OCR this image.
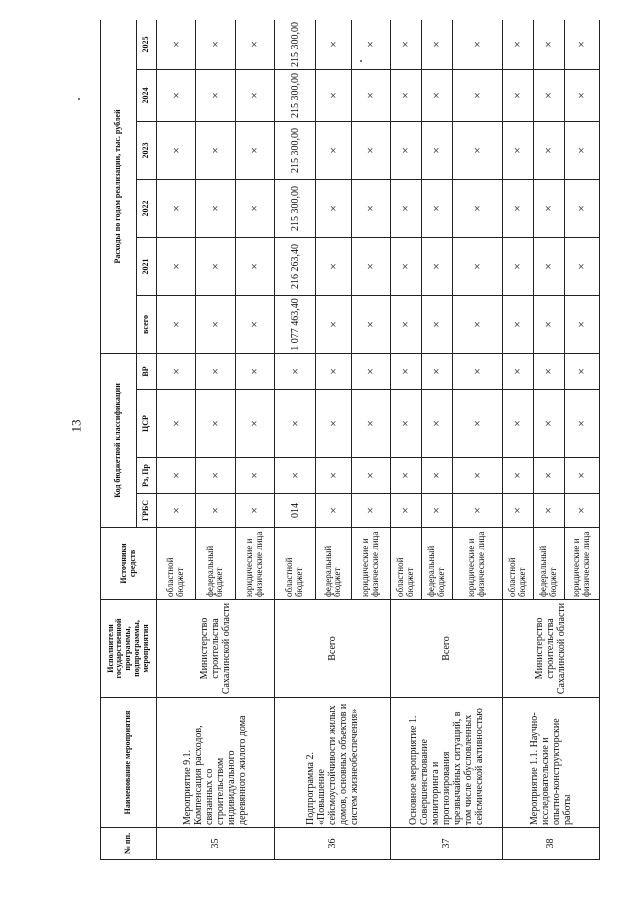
13
№ пп.	Наименование мероприятия	Исполнители государственной программы, подпрограммы, мероприятия	Источники средств	Код бюджетной классификации				Расходы по годам реализации, тыс. рублей					
				ГРБС	Рз, Пр	ЦСР	ВР	всего	2021	2022	2023	2024	2025
35	Мероприятие 9.1. Компенсация расходов, связанных со строительством индивидуального деревянного жилого дома	Министерство строительства Сахалинской области	областной бюджет	×	×	×	×	×	×	×	×	×	×
			федеральный бюджет	×	×	×	×	×	×	×	×	×	×
			юридические и физические лица	×	×	×	×	×	×	×	×	×	×
36	Подпрограмма 2. «Повышение сейсмоустойчивости жилых домов, основных объектов и систем жизнеобеспечения»	Всего	областной бюджет	014	×	×	×	1 077 463,40	216 263,40	215 300,00	215 300,00	215 300,00	215 300,00
			федеральный бюджет	×	×	×	×	×	×	×	×	×	×
			юридические и физические лица	×	×	×	×	×	×	×	×	×	×
37	Основное мероприятие 1. Совершенствование мониторинга и прогнозирования чрезвычайных ситуаций, в том числе обусловленных сейсмической активностью	Всего	областной бюджет	×	×	×	×	×	×	×	×	×	×
			федеральный бюджет	×	×	×	×	×	×	×	×	×	×
			юридические и физические лица	×	×	×	×	×	×	×	×	×	×
38	Мероприятие 1.1. Научно-исследовательские и опытно-конструкторские работы	Министерство строительства Сахалинской области	областной бюджет	×	×	×	×	×	×	×	×	×	×
			федеральный бюджет	×	×	×	×	×	×	×	×	×	×
			юридические и физические лица	×	×	×	×	×	×	×	×	×	×
